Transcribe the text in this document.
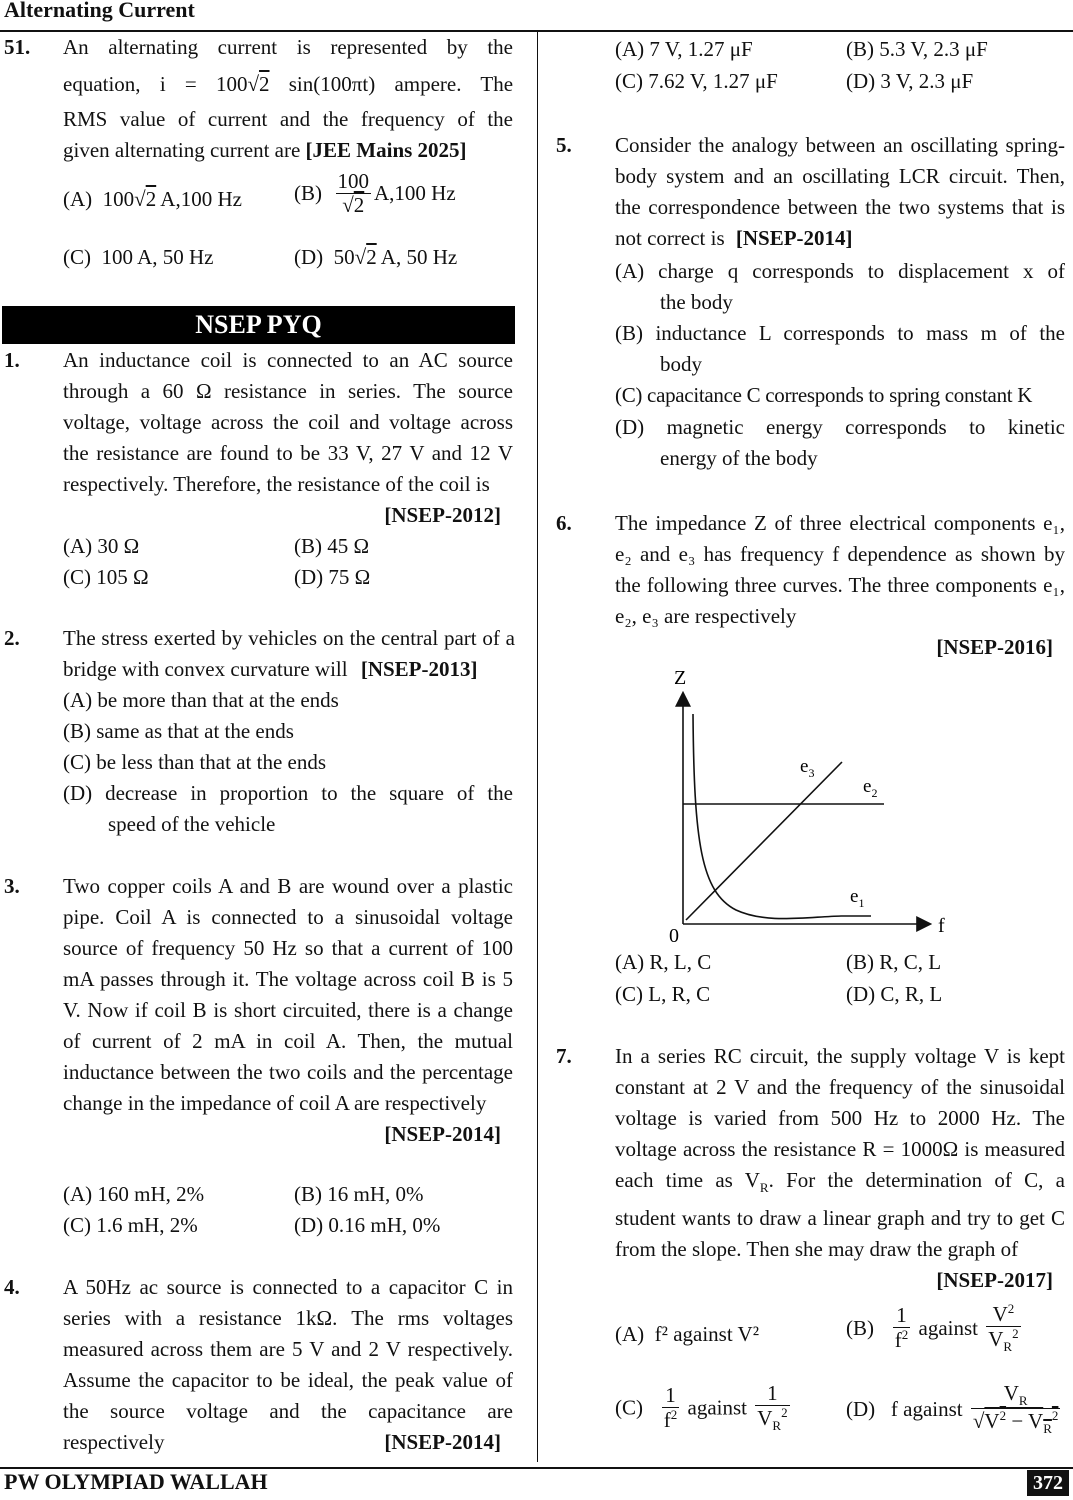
Alternating Current
PW OLYMPIAD WALLAH	372
51. An alternating current is represented by the
equation, i = 100√2 sin(100πt) ampere. The
RMS value of current and the frequency of the
given alternating current are [JEE Mains 2025]
(A) 100√2 A,100 Hz $(B) \frac{100}{√2} A,100$ Hz
(C) 100 A, 50 Hz	(D) 50√2 A, 50 Hz
NSEP PYQ
1. An inductance coil is connected to an AC source through a 60 Ω resistance in series. The source voltage, voltage across the coil and voltage across the resistance are found to be 33 V, 27 V and 12 V respectively. Therefore, the resistance of the coil is
[NSEP-2012]
(A) 30 Ω	(B) 45 Ω
(C) 105 Ω	(D) 75 Ω
2. The stress exerted by vehicles on the central part of a bridge with convex curvature will [NSEP-2013]
(A) be more than that at the ends
(B) same as that at the ends
(C) be less than that at the ends
(D) decrease in proportion to the square of the
speed of the vehicle
3. Two copper coils A and B are wound over a plastic pipe. Coil A is connected to a sinusoidal voltage source of frequency 50 Hz so that a current of 100 mA passes through it. The voltage across coil B is 5 V. Now if coil B is short circuited, there is a change of current of 2 mA in coil A. Then, the mutual inductance between the two coils and the percentage change in the impedance of coil A are respectively
[NSEP-2014]
(A) 160 mH, 2%	(B) 16 mH, 0%
(C) 1.6 mH, 2%	(D) 0.16 mH, 0%
4. A 50Hz ac source is connected to a capacitor C in series with a resistance 1kΩ. The rms voltages measured across them are 5 V and 2 V respectively. Assume the capacitor to be ideal, the peak value of the source voltage and the capacitance are respectively	[NSEP-2014]
(A) 7 V, 1.27 μF	(B) 5.3 V, 2.3 μF
(C) 7.62 V, 1.27 μF	(D) 3 V, 2.3 μF
5. Consider the analogy between an oscillating spring-body system and an oscillating LCR circuit. Then, the correspondence between the two systems that is not correct is [NSEP-2014]
(A) charge q corresponds to displacement x of
the body
(B) inductance L corresponds to mass m of the
body
(C) capacitance C corresponds to spring constant K
(D) magnetic energy corresponds to kinetic
energy of the body
6. The impedance Z of three electrical components e₁, e₂ and e₃ has frequency f dependence as shown by the following three curves. The three components e₁, e₂, e₃ are respectively
[NSEP-2016]
Z
f
0
$e_3$
$e_2$
$e_1$
(A) R, L, C	(B) R, C, L
(C) L, R, C	(D) C, R, L
7. In a series RC circuit, the supply voltage V is kept constant at 2 V and the frequency of the sinusoidal voltage is varied from 500 Hz to 2000 Hz. The voltage across the resistance R = 1000Ω is measured each time as $V_R$. For the determination of C, a student wants to draw a linear graph and try to get C from the slope. Then she may draw the graph of
[NSEP-2017]
(A) f² against V²	$(B) \frac{1}{f^2}$ against $\frac{V^2}{V_R^2}$
$(C) \frac{1}{f^2}$ against $\frac{1}{V_R^2}$	(D) f against $\frac{V_R}{√V^2 - V_R^2}$
